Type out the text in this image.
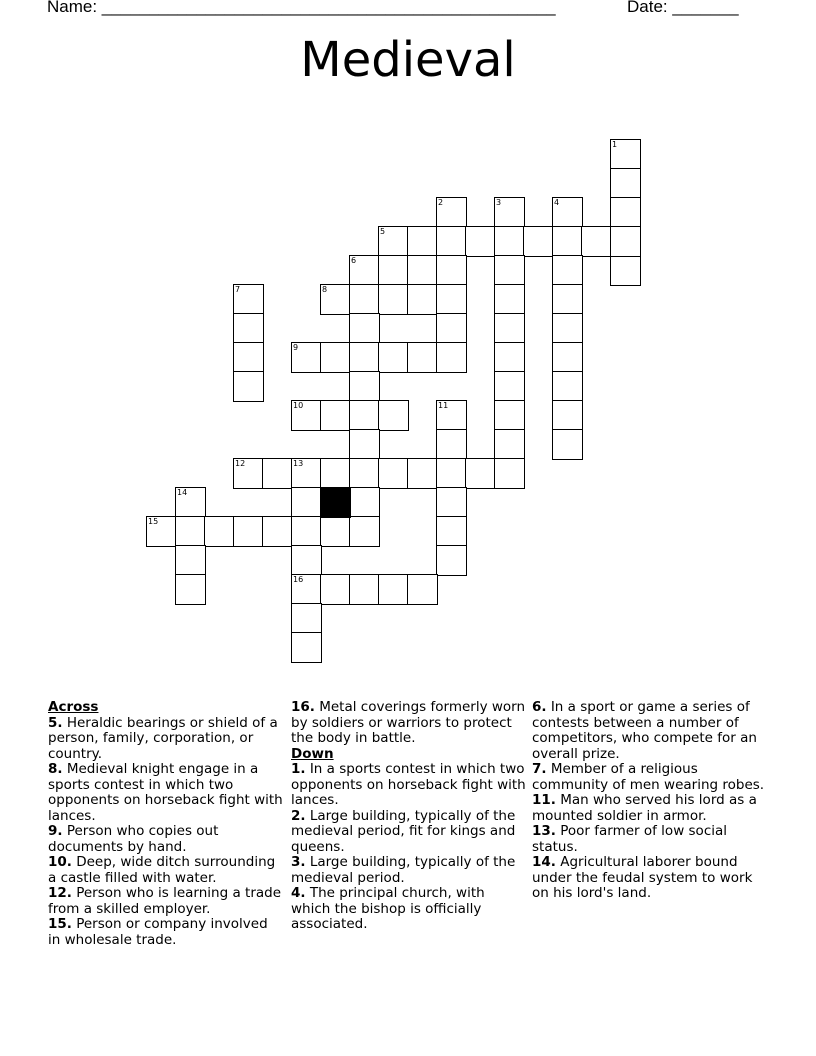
Name: ________________________________________________	Date: _______
Medieval
1
2	3	4
5
6
7	8
9
10	11
12	13
14
15
16
Across

5. Heraldic bearings or shield of a person, family, corporation, or country.

8. Medieval knight engage in a sports contest in which two opponents on horseback fight with lances.

9. Person who copies out documents by hand.

10. Deep, wide ditch surrounding a castle filled with water.

12. Person who is learning a trade from a skilled employer.

15. Person or company involved in wholesale trade.

16. Metal coverings formerly worn by soldiers or warriors to protect the body in battle.

Down

1. In a sports contest in which two opponents on horseback fight with lances.

2. Large building, typically of the medieval period, fit for kings and queens.

3. Large building, typically of the medieval period.

4. The principal church, with which the bishop is officially associated.

6. In a sport or game a series of contests between a number of competitors, who compete for an overall prize.

7. Member of a religious community of men wearing robes.

11. Man who served his lord as a mounted soldier in armor.

13. Poor farmer of low social status.

14. Agricultural laborer bound under the feudal system to work on his lord's land.
